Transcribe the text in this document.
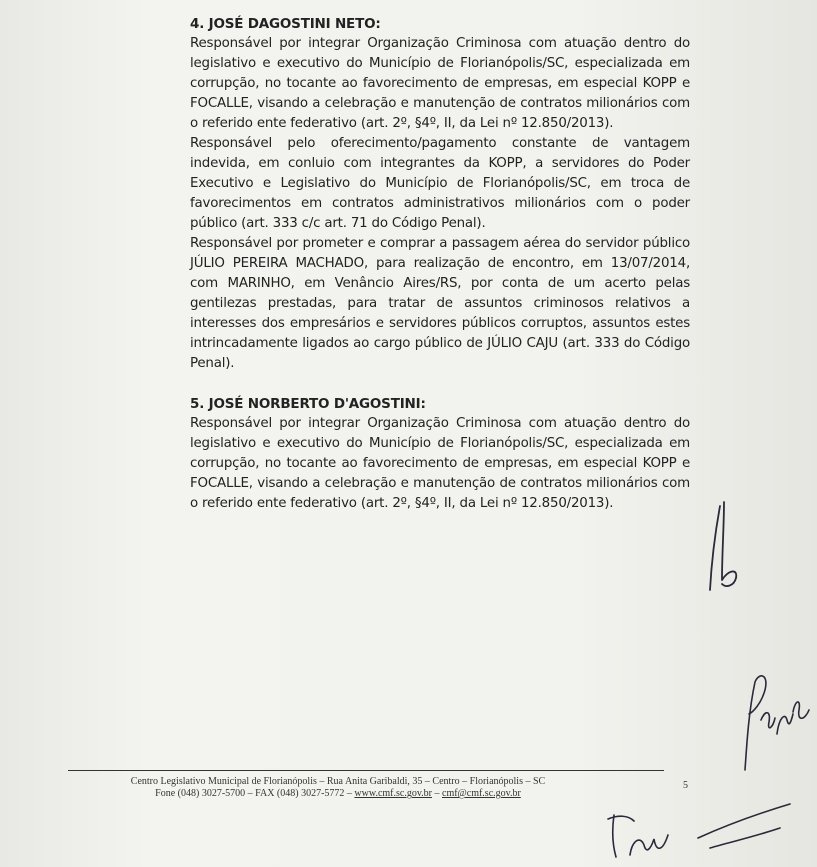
4. JOSÉ DAGOSTINI NETO:

Responsável por integrar Organização Criminosa com atuação dentro do legislativo e executivo do Município de Florianópolis/SC, especializada em corrupção, no tocante ao favorecimento de empresas, em especial KOPP e FOCALLE, visando a celebração e manutenção de contratos milionários com o referido ente federativo (art. 2º, §4º, II, da Lei nº 12.850/2013).

Responsável pelo oferecimento/pagamento constante de vantagem indevida, em conluio com integrantes da KOPP, a servidores do Poder Executivo e Legislativo do Município de Florianópolis/SC, em troca de favorecimentos em contratos administrativos milionários com o poder público (art. 333 c/c art. 71 do Código Penal).

Responsável por prometer e comprar a passagem aérea do servidor público JÚLIO PEREIRA MACHADO, para realização de encontro, em 13/07/2014, com MARINHO, em Venâncio Aires/RS, por conta de um acerto pelas gentilezas prestadas, para tratar de assuntos criminosos relativos a interesses dos empresários e servidores públicos corruptos, assuntos estes intrincadamente ligados ao cargo público de JÚLIO CAJU (art. 333 do Código Penal).

5. JOSÉ NORBERTO D'AGOSTINI:

Responsável por integrar Organização Criminosa com atuação dentro do legislativo e executivo do Município de Florianópolis/SC, especializada em corrupção, no tocante ao favorecimento de empresas, em especial KOPP e FOCALLE, visando a celebração e manutenção de contratos milionários com o referido ente federativo (art. 2º, §4º, II, da Lei nº 12.850/2013).

Centro Legislativo Municipal de Florianópolis – Rua Anita Garibaldi, 35 – Centro – Florianópolis – SC
Fone (048) 3027-5700 – FAX (048) 3027-5772 – www.cmf.sc.gov.br – cmf@cmf.sc.gov.br
5
